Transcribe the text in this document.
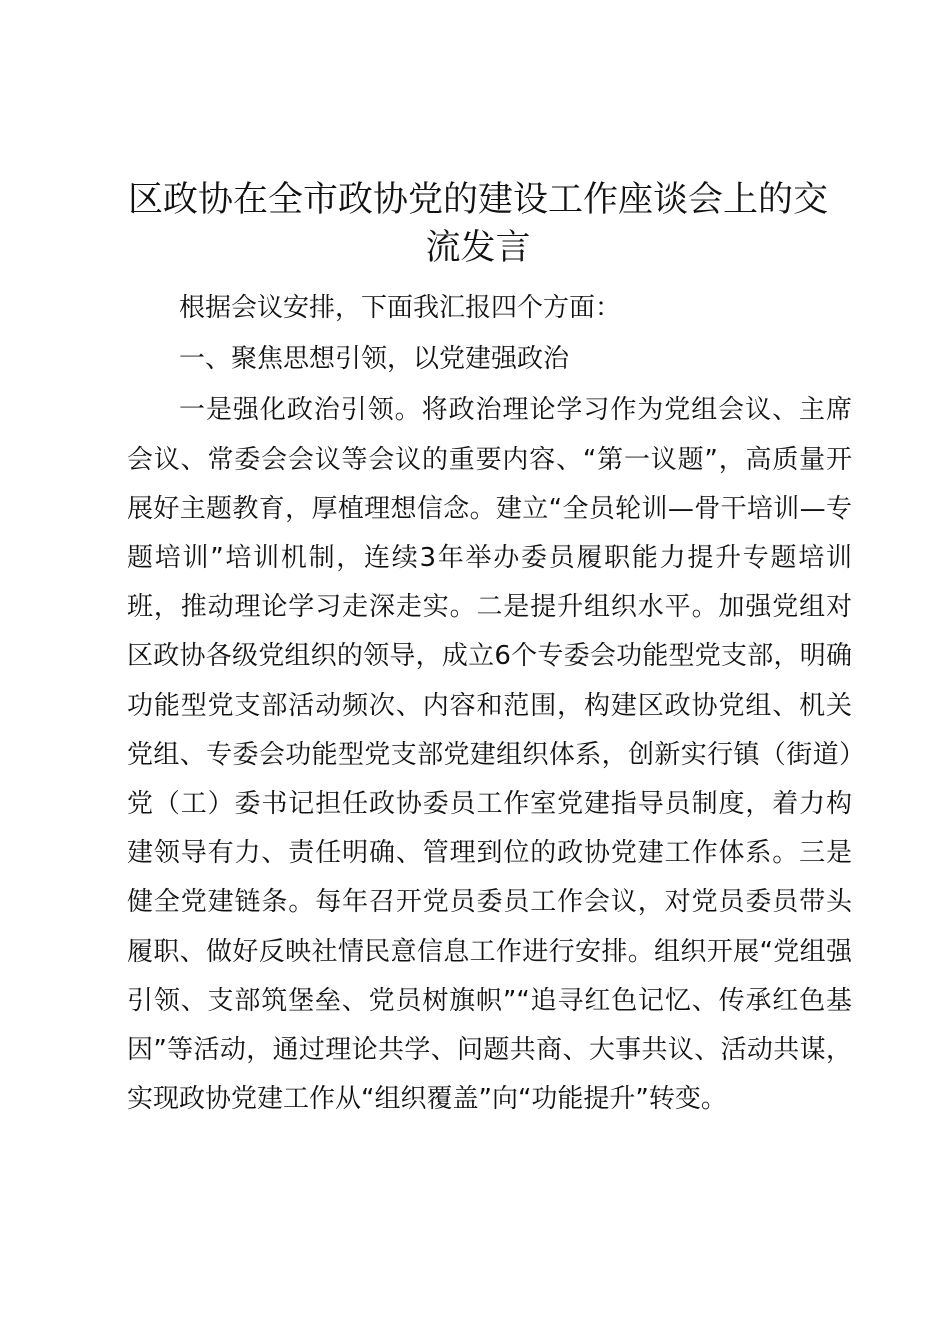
区政协在全市政协党的建设工作座谈会上的交流发言

根据会议安排，下面我汇报四个方面：

一、聚焦思想引领，以党建强政治

一是强化政治引领。将政治理论学习作为党组会议、主席会议、常委会会议等会议的重要内容、“第一议题”，高质量开展好主题教育，厚植理想信念。建立“全员轮训—骨干培训—专题培训”培训机制，连续3年举办委员履职能力提升专题培训班，推动理论学习走深走实。二是提升组织水平。加强党组对区政协各级党组织的领导，成立6个专委会功能型党支部，明确功能型党支部活动频次、内容和范围，构建区政协党组、机关党组、专委会功能型党支部党建组织体系，创新实行镇（街道）党（工）委书记担任政协委员工作室党建指导员制度，着力构建领导有力、责任明确、管理到位的政协党建工作体系。三是健全党建链条。每年召开党员委员工作会议，对党员委员带头履职、做好反映社情民意信息工作进行安排。组织开展“党组强引领、支部筑堡垒、党员树旗帜”“追寻红色记忆、传承红色基因”等活动，通过理论共学、问题共商、大事共议、活动共谋，实现政协党建工作从“组织覆盖”向“功能提升”转变。
